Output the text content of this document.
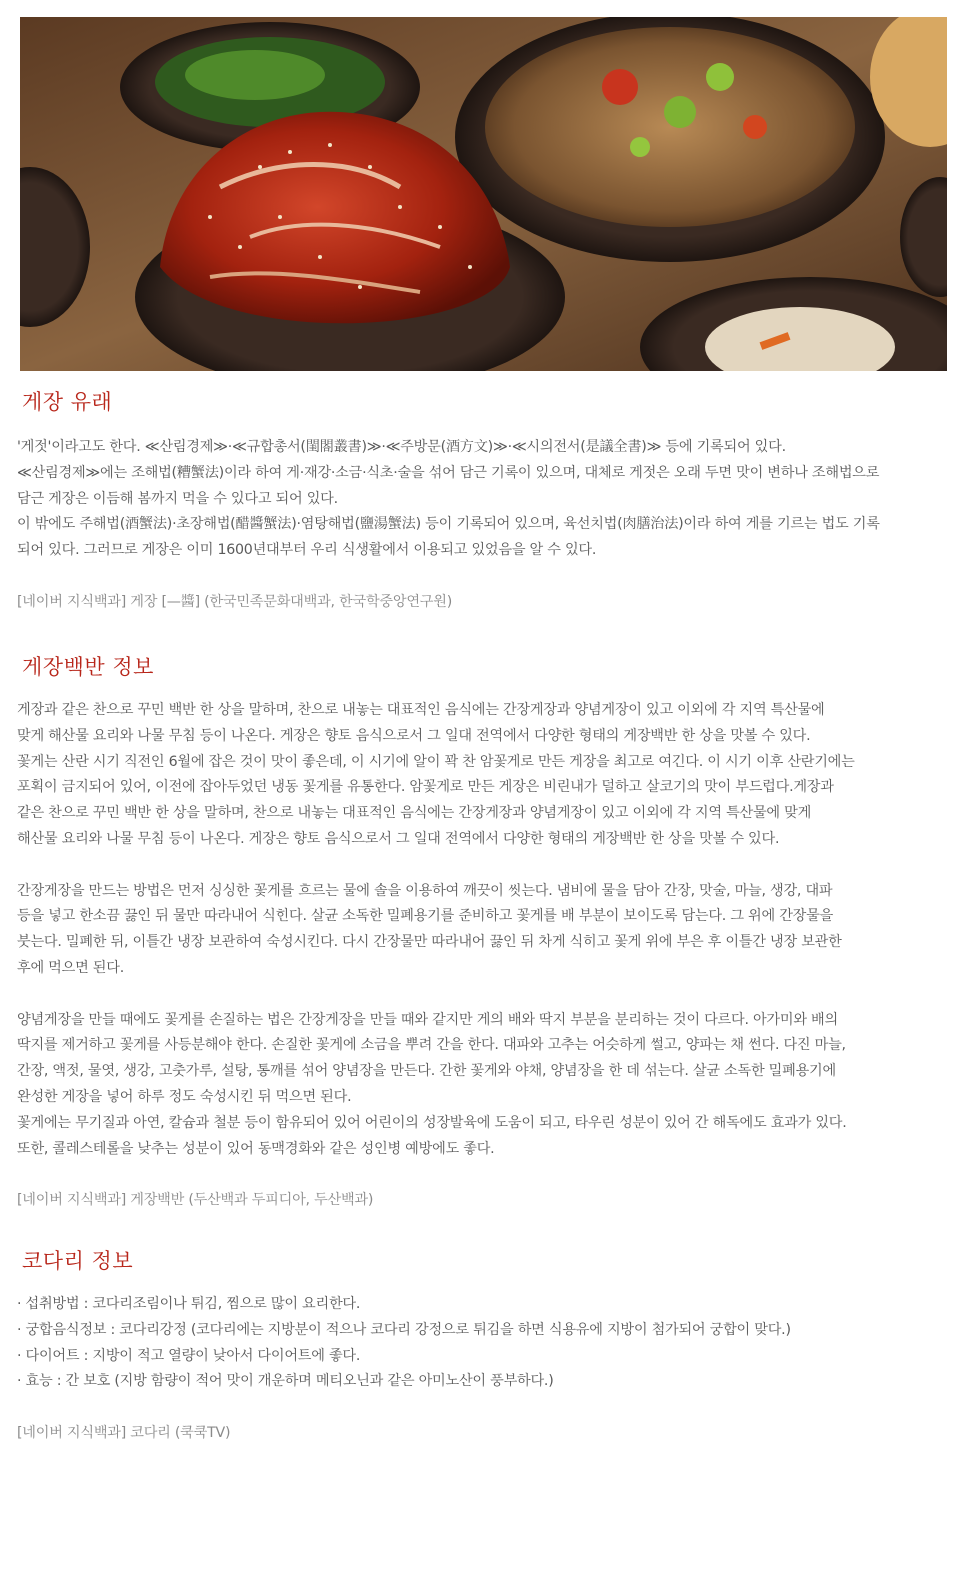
게장 유래

'게젓'이라고도 한다. ≪산림경제≫·≪규합총서(閨閤叢書)≫·≪주방문(酒方文)≫·≪시의전서(是議全書)≫ 등에 기록되어 있다.

≪산림경제≫에는 조해법(糟蟹法)이라 하여 게·재강·소금·식초·술을 섞어 담근 기록이 있으며, 대체로 게젓은 오래 두면 맛이 변하나 조해법으로

담근 게장은 이듬해 봄까지 먹을 수 있다고 되어 있다.

이 밖에도 주해법(酒蟹法)·초장해법(醋醬蟹法)·염탕해법(鹽湯蟹法) 등이 기록되어 있으며, 육선치법(肉膳治法)이라 하여 게를 기르는 법도 기록

되어 있다. 그러므로 게장은 이미 1600년대부터 우리 식생활에서 이용되고 있었음을 알 수 있다.

[네이버 지식백과] 게장 [—醬] (한국민족문화대백과, 한국학중앙연구원)

게장백반 정보

게장과 같은 찬으로 꾸민 백반 한 상을 말하며, 찬으로 내놓는 대표적인 음식에는 간장게장과 양념게장이 있고 이외에 각 지역 특산물에

맞게 해산물 요리와 나물 무침 등이 나온다. 게장은 향토 음식으로서 그 일대 전역에서 다양한 형태의 게장백반 한 상을 맛볼 수 있다.

꽃게는 산란 시기 직전인 6월에 잡은 것이 맛이 좋은데, 이 시기에 알이 꽉 찬 암꽃게로 만든 게장을 최고로 여긴다. 이 시기 이후 산란기에는

포획이 금지되어 있어, 이전에 잡아두었던 냉동 꽃게를 유통한다. 암꽃게로 만든 게장은 비린내가 덜하고 살코기의 맛이 부드럽다.게장과

같은 찬으로 꾸민 백반 한 상을 말하며, 찬으로 내놓는 대표적인 음식에는 간장게장과 양념게장이 있고 이외에 각 지역 특산물에 맞게

해산물 요리와 나물 무침 등이 나온다. 게장은 향토 음식으로서 그 일대 전역에서 다양한 형태의 게장백반 한 상을 맛볼 수 있다.

간장게장을 만드는 방법은 먼저 싱싱한 꽃게를 흐르는 물에 솔을 이용하여 깨끗이 씻는다. 냄비에 물을 담아 간장, 맛술, 마늘, 생강, 대파

등을 넣고 한소끔 끓인 뒤 물만 따라내어 식힌다. 살균 소독한 밀폐용기를 준비하고 꽃게를 배 부분이 보이도록 담는다. 그 위에 간장물을

붓는다. 밀폐한 뒤, 이틀간 냉장 보관하여 숙성시킨다. 다시 간장물만 따라내어 끓인 뒤 차게 식히고 꽃게 위에 부은 후 이틀간 냉장 보관한

후에 먹으면 된다.

양념게장을 만들 때에도 꽃게를 손질하는 법은 간장게장을 만들 때와 같지만 게의 배와 딱지 부분을 분리하는 것이 다르다. 아가미와 배의

딱지를 제거하고 꽃게를 사등분해야 한다. 손질한 꽃게에 소금을 뿌려 간을 한다. 대파와 고추는 어슷하게 썰고, 양파는 채 썬다. 다진 마늘,

간장, 액젓, 물엿, 생강, 고춧가루, 설탕, 통깨를 섞어 양념장을 만든다. 간한 꽃게와 야채, 양념장을 한 데 섞는다. 살균 소독한 밀폐용기에

완성한 게장을 넣어 하루 정도 숙성시킨 뒤 먹으면 된다.

꽃게에는 무기질과 아연, 칼슘과 철분 등이 함유되어 있어 어린이의 성장발육에 도움이 되고, 타우린 성분이 있어 간 해독에도 효과가 있다.

또한, 콜레스테롤을 낮추는 성분이 있어 동맥경화와 같은 성인병 예방에도 좋다.

[네이버 지식백과] 게장백반 (두산백과 두피디아, 두산백과)

코다리 정보

· 섭취방법 : 코다리조림이나 튀김, 찜으로 많이 요리한다.

· 궁합음식정보 : 코다리강정 (코다리에는 지방분이 적으나 코다리 강정으로 튀김을 하면 식용유에 지방이 첨가되어 궁합이 맞다.)

· 다이어트 : 지방이 적고 열량이 낮아서 다이어트에 좋다.

· 효능 : 간 보호 (지방 함량이 적어 맛이 개운하며 메티오닌과 같은 아미노산이 풍부하다.)

[네이버 지식백과] 코다리 (쿡쿡TV)
